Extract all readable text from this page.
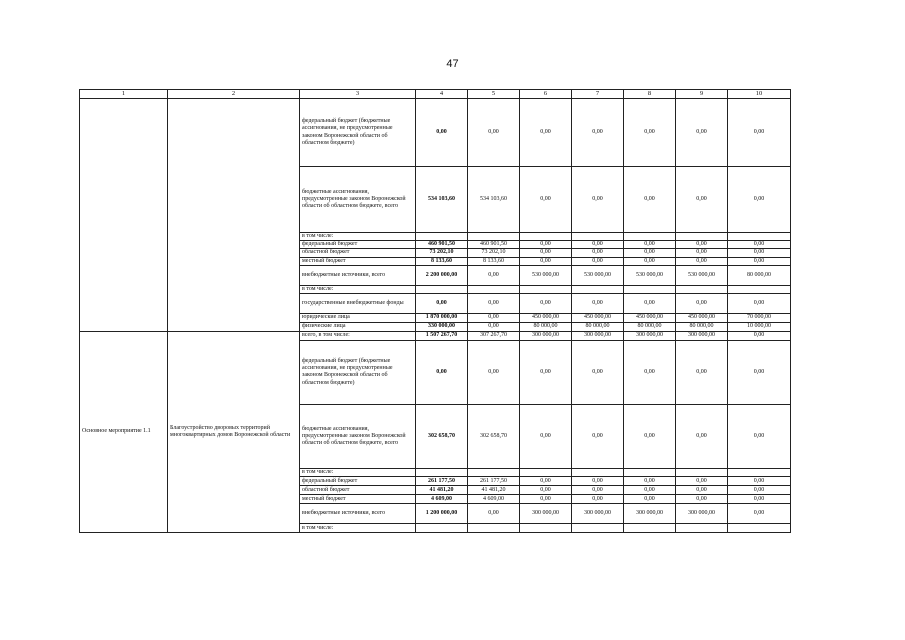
47
1	2	3	4	5	6	7	8	9	10
		федеральный бюджет (бюджетные ассигнования, не предусмотренные законом Воронежской области об областном бюджете)	0,00	0,00	0,00	0,00	0,00	0,00	0,00
		бюджетные ассигнования, предусмотренные законом Воронежской области об областном бюджете, всего	534 103,60	534 103,60	0,00	0,00	0,00	0,00	0,00
		в том числе:							
		федеральный бюджет	460 901,50	460 901,50	0,00	0,00	0,00	0,00	0,00
		областной бюджет	73 202,10	73 202,10	0,00	0,00	0,00	0,00	0,00
		местный бюджет	8 133,60	8 133,60	0,00	0,00	0,00	0,00	0,00
		внебюджетные источники, всего	2 200 000,00	0,00	530 000,00	530 000,00	530 000,00	530 000,00	80 000,00
		в том числе:							
		государственные внебюджетные фонды	0,00	0,00	0,00	0,00	0,00	0,00	0,00
		юридические лица	1 870 000,00	0,00	450 000,00	450 000,00	450 000,00	450 000,00	70 000,00
		физические лица	330 000,00	0,00	80 000,00	80 000,00	80 000,00	80 000,00	10 000,00
Основное мероприятие 1.1	Благоустройство дворовых территорий многоквартирных домов Воронежской области	всего, в том числе:	1 507 267,70	307 267,70	300 000,00	300 000,00	300 000,00	300 000,00	0,00
		федеральный бюджет (бюджетные ассигнования, не предусмотренные законом Воронежской области об областном бюджете)	0,00	0,00	0,00	0,00	0,00	0,00	0,00
		бюджетные ассигнования, предусмотренные законом Воронежской области об областном бюджете, всего	302 658,70	302 658,70	0,00	0,00	0,00	0,00	0,00
		в том числе:							
		федеральный бюджет	261 177,50	261 177,50	0,00	0,00	0,00	0,00	0,00
		областной бюджет	41 481,20	41 481,20	0,00	0,00	0,00	0,00	0,00
		местный бюджет	4 609,00	4 609,00	0,00	0,00	0,00	0,00	0,00
		внебюджетные источники, всего	1 200 000,00	0,00	300 000,00	300 000,00	300 000,00	300 000,00	0,00
		в том числе:							
